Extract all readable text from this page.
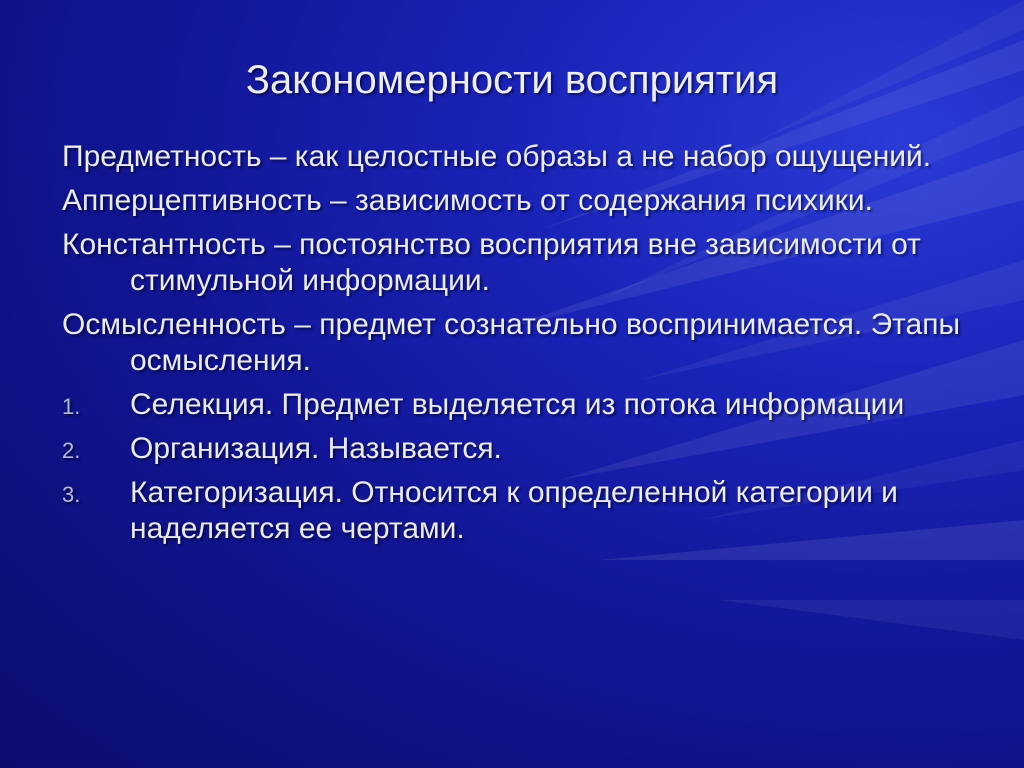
Закономерности восприятия
Предметность – как целостные образы а не набор ощущений.
Апперцептивность – зависимость от содержания психики.
Константность – постоянство восприятия вне зависимости от стимульной информации.
Осмысленность – предмет сознательно воспринимается. Этапы осмысления.
1. Селекция. Предмет выделяется из потока информации
2. Организация. Называется.
3. Категоризация. Относится к определенной категории и наделяется ее чертами.
